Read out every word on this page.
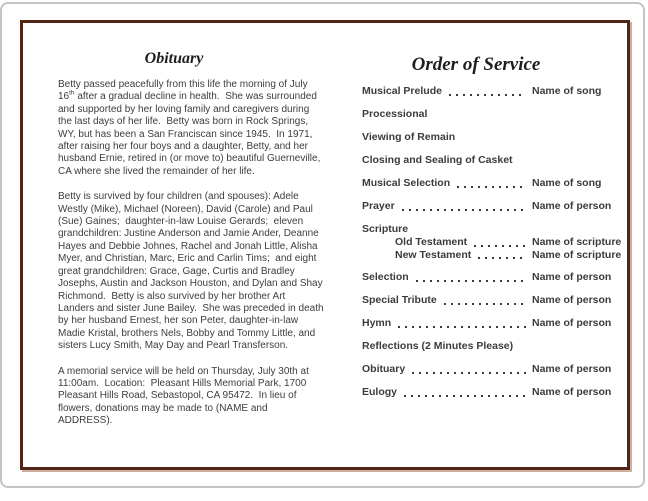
Obituary

Betty passed peacefully from this life the morning of July 16th after a gradual decline in health.  She was surrounded and supported by her loving family and caregivers during the last days of her life.  Betty was born in Rock Springs, WY, but has been a San Franciscan since 1945.  In 1971, after raising her four boys and a daughter, Betty, and her husband Ernie, retired in (or move to) beautiful Guerneville, CA where she lived the remainder of her life.

Betty is survived by four children (and spouses): Adele Westly (Mike), Michael (Noreen), David (Carole) and Paul (Sue) Gaines;  daughter-in-law Louise Gerards;  eleven grandchildren: Justine Anderson and Jamie Ander, Deanne Hayes and Debbie Johnes, Rachel and Jonah Little, Alisha Myer, and Christian, Marc, Eric and Carlin Tims;  and eight great grandchildren: Grace, Gage, Curtis and Bradley Josephs, Austin and Jackson Houston, and Dylan and Shay Richmond.  Betty is also survived by her brother Art Landers and sister June Bailey.  She was preceded in death by her husband Ernest, her son Peter, daughter-in-law Madie Kristal, brothers Nels, Bobby and Tommy Little, and sisters Lucy Smith, May Day and Pearl Transferson.

A memorial service will be held on Thursday, July 30th at 11:00am.  Location:  Pleasant Hills Memorial Park, 1700 Pleasant Hills Road, Sebastopol, CA 95472.  In lieu of flowers, donations may be made to (NAME and ADDRESS).

Order of Service
Musical Prelude	Name of song
Processional
Viewing of Remain
Closing and Sealing of Casket
Musical Selection	Name of song
Prayer	Name of person
Scripture
Old Testament	Name of scripture
New Testament	Name of scripture
Selection	Name of person
Special Tribute	Name of person
Hymn	Name of person
Reflections (2 Minutes Please)
Obituary	Name of person
Eulogy	Name of person
